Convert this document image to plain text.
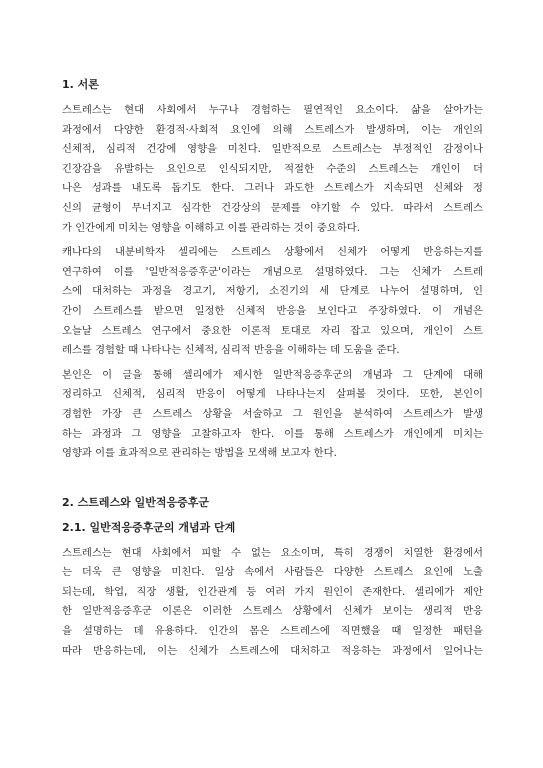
1. 서론

스트레스는 현대 사회에서 누구나 경험하는 필연적인 요소이다. 삶을 살아가는
과정에서 다양한 환경적·사회적 요인에 의해 스트레스가 발생하며, 이는 개인의
신체적, 심리적 건강에 영향을 미친다. 일반적으로 스트레스는 부정적인 감정이나
긴장감을 유발하는 요인으로 인식되지만, 적절한 수준의 스트레스는 개인이 더
나은 성과를 내도록 돕기도 한다. 그러나 과도한 스트레스가 지속되면 신체와 정
신의 균형이 무너지고 심각한 건강상의 문제를 야기할 수 있다. 따라서 스트레스
가 인간에게 미치는 영향을 이해하고 이를 관리하는 것이 중요하다.

캐나다의 내분비학자 셀리에는 스트레스 상황에서 신체가 어떻게 반응하는지를
연구하여 이를 '일반적응증후군'이라는 개념으로 설명하였다. 그는 신체가 스트레
스에 대처하는 과정을 경고기, 저항기, 소진기의 세 단계로 나누어 설명하며, 인
간이 스트레스를 받으면 일정한 신체적 반응을 보인다고 주장하였다. 이 개념은
오늘날 스트레스 연구에서 중요한 이론적 토대로 자리 잡고 있으며, 개인이 스트
레스를 경험할 때 나타나는 신체적, 심리적 반응을 이해하는 데 도움을 준다.

본인은 이 글을 통해 셀리에가 제시한 일반적응증후군의 개념과 그 단계에 대해
정리하고 신체적, 심리적 반응이 어떻게 나타나는지 살펴볼 것이다. 또한, 본인이
경험한 가장 큰 스트레스 상황을 서술하고 그 원인을 분석하여 스트레스가 발생
하는 과정과 그 영향을 고찰하고자 한다. 이를 통해 스트레스가 개인에게 미치는
영향과 이를 효과적으로 관리하는 방법을 모색해 보고자 한다.

2. 스트레스와 일반적응증후군
2.1. 일반적응증후군의 개념과 단계

스트레스는 현대 사회에서 피할 수 없는 요소이며, 특히 경쟁이 치열한 환경에서
는 더욱 큰 영향을 미친다. 일상 속에서 사람들은 다양한 스트레스 요인에 노출
되는데, 학업, 직장 생활, 인간관계 등 여러 가지 원인이 존재한다. 셀리에가 제안
한 일반적응증후군 이론은 이러한 스트레스 상황에서 신체가 보이는 생리적 반응
을 설명하는 데 유용하다. 인간의 몸은 스트레스에 직면했을 때 일정한 패턴을
따라 반응하는데, 이는 신체가 스트레스에 대처하고 적응하는 과정에서 일어나는
